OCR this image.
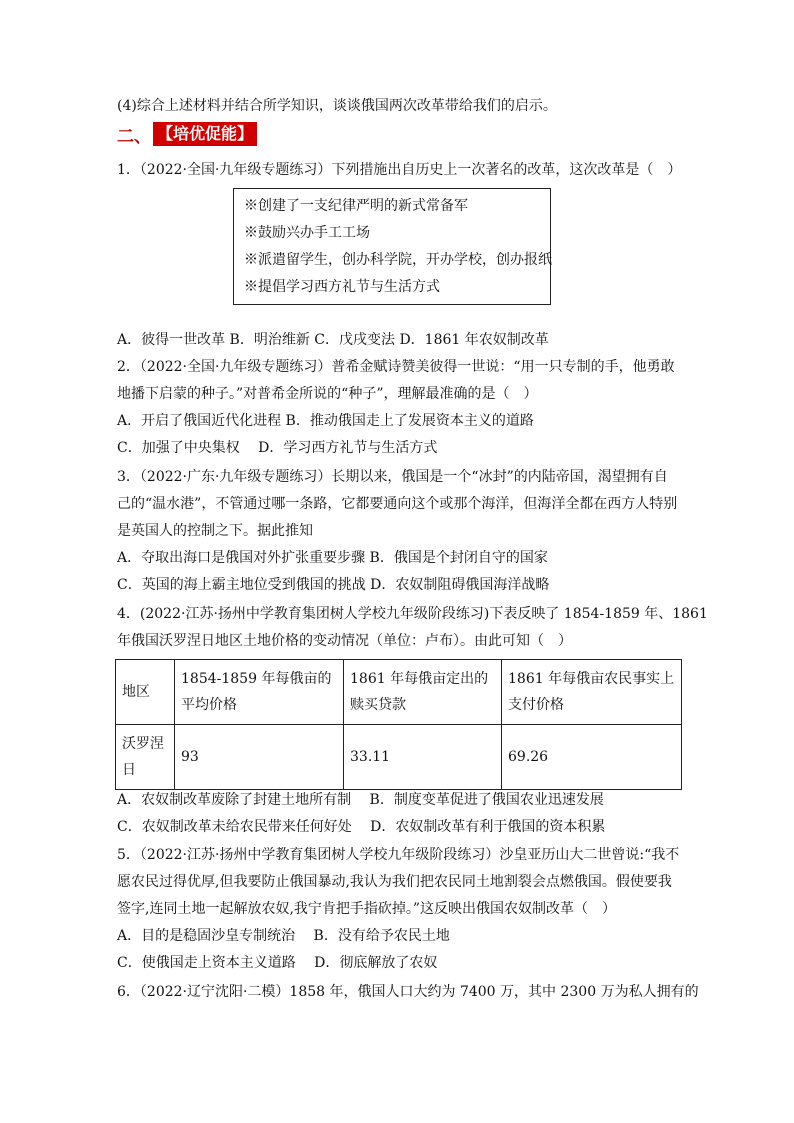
(4)综合上述材料并结合所学知识，谈谈俄国两次改革带给我们的启示。
二、 【培优促能】
1．（2022·全国·九年级专题练习）下列措施出自历史上一次著名的改革，这次改革是（　）
※创建了一支纪律严明的新式常备军
※鼓励兴办手工工场
※派遣留学生，创办科学院，开办学校，创办报纸
※提倡学习西方礼节与生活方式
A．彼得一世改革 B．明治维新 C．戊戌变法 D．1861 年农奴制改革
2．（2022·全国·九年级专题练习）普希金赋诗赞美彼得一世说：“用一只专制的手，他勇敢
地播下启蒙的种子。”对普希金所说的“种子”，理解最准确的是（　）
A．开启了俄国近代化进程 B．推动俄国走上了发展资本主义的道路
C．加强了中央集权　 D．学习西方礼节与生活方式
3．（2022·广东·九年级专题练习）长期以来，俄国是一个“冰封”的内陆帝国，渴望拥有自
己的“温水港”，不管通过哪一条路，它都要通向这个或那个海洋，但海洋全都在西方人特别
是英国人的控制之下。据此推知
A．夺取出海口是俄国对外扩张重要步骤 B．俄国是个封闭自守的国家
C．英国的海上霸主地位受到俄国的挑战 D．农奴制阻碍俄国海洋战略
4．(2022·江苏·扬州中学教育集团树人学校九年级阶段练习)下表反映了 1854-1859 年、1861
年俄国沃罗涅日地区土地价格的变动情况（单位：卢布）。由此可知（　）
地区	1854-1859 年每俄亩的平均价格	1861 年每俄亩定出的赎买贷款	1861 年每俄亩农民事实上支付价格
沃罗涅日	93	33.11	69.26
A．农奴制改革废除了封建土地所有制　 B．制度变革促进了俄国农业迅速发展
C．农奴制改革未给农民带来任何好处　 D．农奴制改革有利于俄国的资本积累
5．（2022·江苏·扬州中学教育集团树人学校九年级阶段练习）沙皇亚历山大二世曾说:“我不
愿农民过得优厚,但我要防止俄国暴动,我认为我们把农民同土地割裂会点燃俄国。假使要我
签字,连同土地一起解放农奴,我宁肯把手指砍掉。”这反映出俄国农奴制改革（　）
A．目的是稳固沙皇专制统治　 B．没有给予农民土地
C．使俄国走上资本主义道路　 D．彻底解放了农奴
6．（2022·辽宁沈阳·二模）1858 年，俄国人口大约为 7400 万，其中 2300 万为私人拥有的
